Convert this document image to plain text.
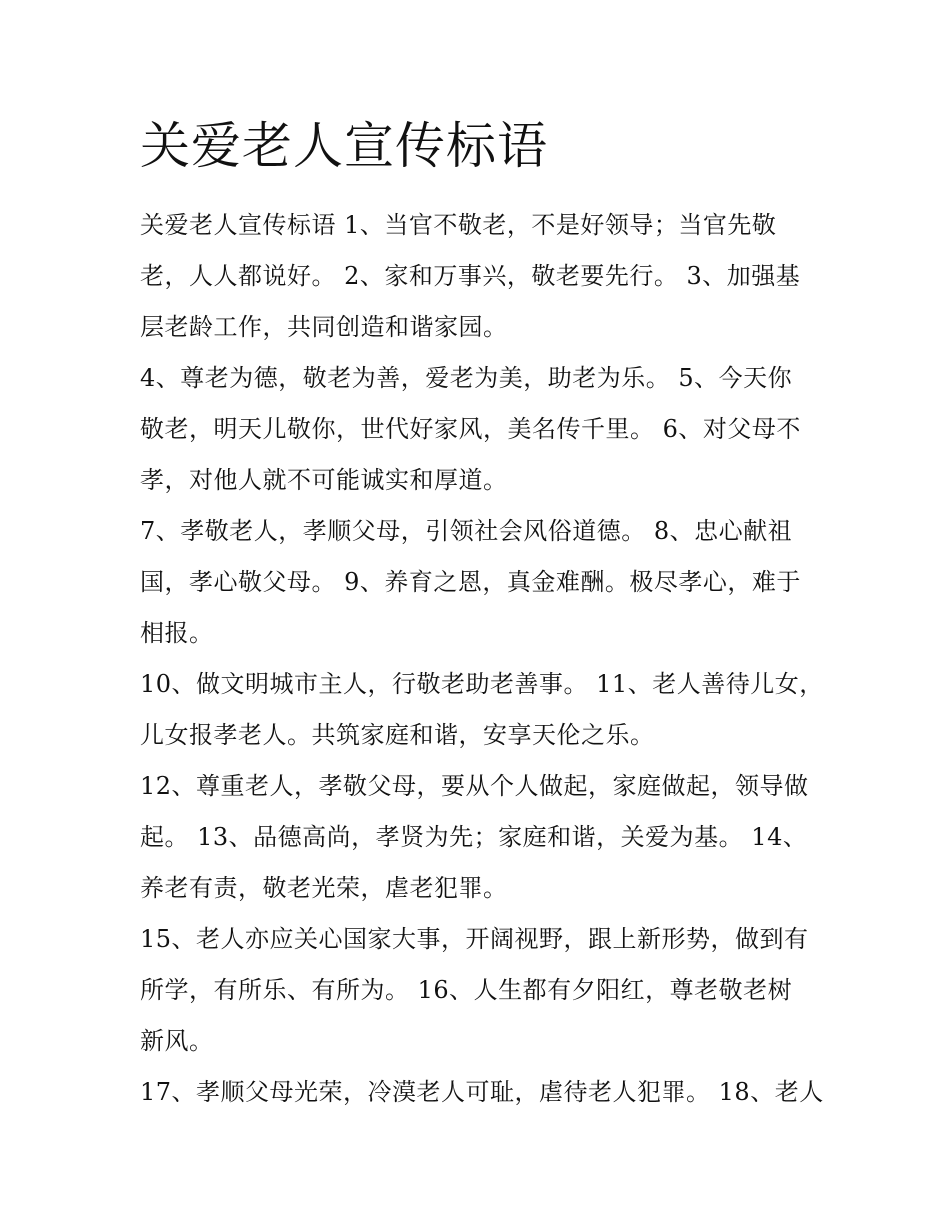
关爱老人宣传标语

关爱老人宣传标语 1、当官不敬老，不是好领导；当官先敬
老，人人都说好。 2、家和万事兴，敬老要先行。 3、加强基
层老龄工作，共同创造和谐家园。

4、尊老为德，敬老为善，爱老为美，助老为乐。 5、今天你
敬老，明天儿敬你，世代好家风，美名传千里。 6、对父母不
孝，对他人就不可能诚实和厚道。

7、孝敬老人，孝顺父母，引领社会风俗道德。 8、忠心献祖
国，孝心敬父母。 9、养育之恩，真金难酬。极尽孝心，难于
相报。

10、做文明城市主人，行敬老助老善事。 11、老人善待儿女，
儿女报孝老人。共筑家庭和谐，安享天伦之乐。

12、尊重老人，孝敬父母，要从个人做起，家庭做起，领导做
起。 13、品德高尚，孝贤为先；家庭和谐，关爱为基。 14、
养老有责，敬老光荣，虐老犯罪。

15、老人亦应关心国家大事，开阔视野，跟上新形势，做到有
所学，有所乐、有所为。 16、人生都有夕阳红，尊老敬老树
新风。

17、孝顺父母光荣，冷漠老人可耻，虐待老人犯罪。 18、老人
